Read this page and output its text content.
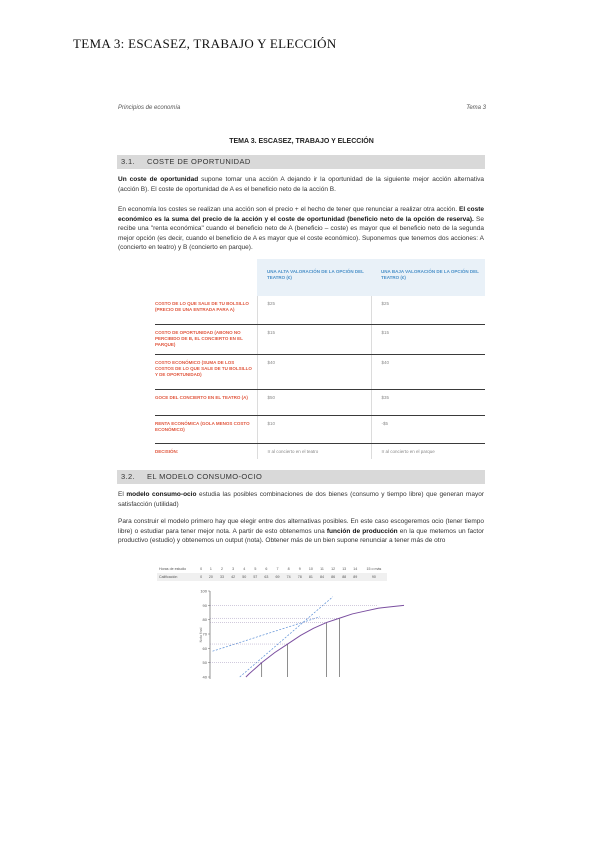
TEMA 3: ESCASEZ, TRABAJO Y ELECCIÓN
Principios de economía	Tema 3
TEMA 3. ESCASEZ, TRABAJO Y ELECCIÓN
3.1. COSTE DE OPORTUNIDAD

Un coste de oportunidad supone tomar una acción A dejando ir la oportunidad de la siguiente mejor acción alternativa (acción B). El coste de oportunidad de A es el beneficio neto de la acción B.

En economía los costes se realizan una acción son el precio + el hecho de tener que renunciar a realizar otra acción. El coste económico es la suma del precio de la acción y el coste de oportunidad (beneficio neto de la opción de reserva). Se recibe una "renta económica" cuando el beneficio neto de A (beneficio – coste) es mayor que el beneficio neto de la segunda mejor opción (es decir, cuando el beneficio de A es mayor que el coste económico). Suponemos que tenemos dos acciones: A (concierto en teatro) y B (concierto en parque).

	UNA ALTA VALORACIÓN DE LA OPCIÓN DEL TEATRO (€)	UNA BAJA VALORACIÓN DE LA OPCIÓN DEL TEATRO (€)
COSTO DE LO QUE SALE DE TU BOLSILLO (PRECIO DE UNA ENTRADA PARA A)	$25	$25
COSTO DE OPORTUNIDAD (ABONO NO PERCIBIDO DE B, EL CONCIERTO EN EL PARQUE)	$15	$15
COSTO ECONÓMICO (SUMA DE LOS COSTOS DE LO QUE SALE DE TU BOLSILLO Y DE OPORTUNIDAD)	$40	$40
GOCE DEL CONCIERTO EN EL TEATRO (A)	$50	$35
RENTA ECONÓMICA (GOLA MENOS COSTO ECONÓMICO)	$10	-$5
DECISIÓN:	Ir al concierto en el teatro	Ir al concierto en el parque
3.2. EL MODELO CONSUMO-OCIO

El modelo consumo-ocio estudia las posibles combinaciones de dos bienes (consumo y tiempo libre) que generan mayor satisfacción (utilidad)

Para construir el modelo primero hay que elegir entre dos alternativas posibles. En este caso escogeremos ocio (tener tiempo libre) o estudiar para tener mejor nota. A partir de esto obtenemos una función de producción en la que metemos un factor productivo (estudio) y obtenemos un output (nota). Obtener más de un bien supone renunciar a tener más de otro

Horas de estudio	0	1	2	3	4	5	6	7	8	9	10	11	12	13	14	15 o más
Calificación	0	20	33	42	50	57	63	69	74	78	81	84	86	88	89	90
100
90
80
70
60
50
40
Nota final
